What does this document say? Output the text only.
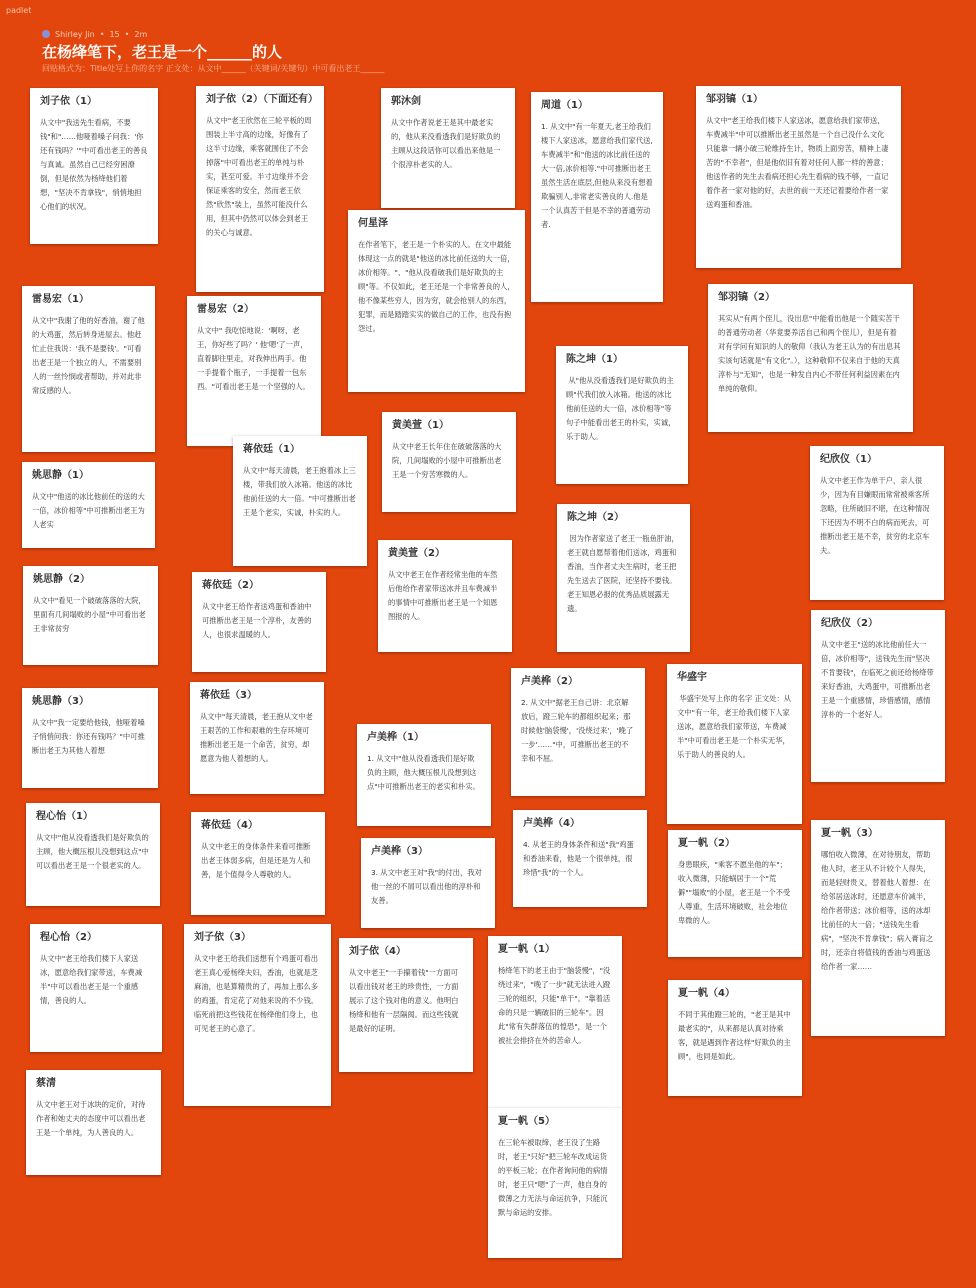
padlet
Shirley Jin • 15 • 2m
在杨绛笔下，老王是一个______的人
回贴格式为：Title处写上你的名字 正文处：从文中______（关键词/关键句）中可看出老王______
刘子依（1）
从文中"我送先生看病，不要钱"和"……他哑着嗓子问我：'你还有钱吗？'"中可看出老王的善良与真诚。虽然自己已经穷困潦倒，但是依然为杨绛他们着想，"坚决不肯拿钱"，悄悄地担心他们的状况。
刘子依（2）（下面还有）
从文中"老王欣然在三轮平板的周围装上半寸高的边缘，好像有了这半寸边缘，乘客就围住了不会掉落"中可看出老王的单纯与朴实，甚至可爱。半寸边缘并不会保证乘客的安全，然而老王依然"欣然"装上，虽然可能没什么用，但其中仍然可以体会到老王的关心与诚意。
郭沐剑
从文中作者说老王是其中最老实的，他从来没看透我们是好欺负的主顾从这段话你可以看出来他是一个很淳朴老实的人。
周道（1）
1. 从文中"有一年夏天,老王给我们楼下人家送冰，愿意给我们家代送,车费减半"和"他送的冰比前任送的大一倍,冰价相等."中可推断出老王虽然生活在底层,但他从来没有想着欺骗别人,非常老实善良的人.他是一个认真苦干但是不幸的普通劳动者.
邹羽镐（1）
从文中"老王给我们楼下人家送冰，愿意给我们家带送，车费减半"中可以推断出老王虽然是一个自己没什么文化只能靠一辆小破三轮维持生计，物质上面穷苦，精神上凄苦的"不幸者"，但是他依旧有着对任何人都一样的善意；他送作者的先生去看病还担心先生看病的钱不够，一直记着作者一家对他的好，去世的前一天还记着要给作者一家送鸡蛋和香油。
何星泽
在作者笔下，老王是一个朴实的人。在文中最能体现这一点的就是"他送的冰比前任送的大一倍，冰价相等。"、"他从没看破我们是好欺负的主顾"等。不仅如此，老王还是一个非常善良的人，他不像某些穷人，因为穷，就会抢别人的东西，犯罪，而是踏踏实实的做自己的工作，也没有抱怨过。
雷易宏（1）
从文中"我谢了他的好香油，谢了他的大鸡蛋，然后转身进屋去。他赶忙止住我说：'我不是要钱'。"可看出老王是一个独立的人，不需要别人的一丝怜悯或者帮助，并对此非常反感的人。
雷易宏（2）
从文中" 我吃惊地说：'啊呀，老王，你好些了吗？' 他'嗯'了一声，直着脚往里走，对我伸出两手。他一手提着个瓶子，一手提着一包东西。"可看出老王是一个坚强的人。
陈之坤（1）
从"他从没看透我们是好欺负的主顾"代我们放入冰箱。他送的冰比他前任送的大一倍，冰价相等"等句子中能看出老王的朴实，实诚，乐于助人。
邹羽镐（2）
其实从"有两个侄儿，没出息"中能看出他是一个随实苦干的普通劳动者（华竟要养活自己和两个侄儿），但是有着对有学问有知识的人的敬仰（我认为老王认为的有出息其实该句话就是"有文化"。），这种敬仰不仅来自于他的天真淳朴与"无知"，也是一种发自内心不带任何利益因素在内单纯的敬仰。
蒋依廷（1）
从文中"每天清晨，老王抱着冰上三楼，带我们放入冰箱。他送的冰比他前任送的大一倍。"中可推断出老王是个老实，实诚，朴实的人。
黄美萱（1）
从文中老王长年住在破破落落的大院，几间塌败的小屋中可推断出老王是一个穷苦寒微的人。
姚思静（1）
从文中"他送的冰比他前任的送的大一倍，冰价相等"中可推断出老王为人老实
纪欣仪（1）
从文中老王作为单干户，亲人很少，因为有目嫌眼而常常被乘客所忽略，住所破旧不堪，在这种情况下还因为不明不白的病而死去，可推断出老王是不幸，贫穷的北京车夫。
陈之坤（2）
因为作者家送了老王一瓶鱼肝油，老王就自愿帮着他们送冰，鸡蛋和香油，当作者丈夫生病时，老王把先生送去了医院，还坚持不要钱。老王知恩必报的优秀品质展露无遗。
黄美萱（2）
从文中老王在作者经常坐他的车然后他给作者家带送冰并且车费减半的事情中可推断出老王是一个知恩图报的人。
姚思静（2）
从文中"看见一个破破落落的大院，里面有几间塌败的小屋"中可看出老王非常贫穷
蒋依廷（2）
从文中老王给作者送鸡蛋和香油中可推断出老王是一个淳朴，友善的人，也很求温暖的人。
纪欣仪（2）
从文中老王"送的冰比他前任大一倍，冰价相等"，送钱先生而"坚决不肯要钱"，在临死之前还给杨绛带来好香油，大鸡蛋中，可推断出老王是一个重感情，珍惜感情，感情淳朴的一个老好人。
卢美桦（2）
2. 从文中"据老王自己讲：北京解放后，蹬三轮车的都组织起来；那时候他'脑袋慢'，'没绕过来'，'晚了一步'……"中，可推断出老王的不幸和不屈。
华盛宇
华盛宇处写上你的名字 正文处：从文中"有一年，老王给我们楼下人家送冰，愿意给我们家带送，车费减半"中可看出老王是一个朴实无华，乐于助人的善良的人。
姚思静（3）
从文中"我一定要给他钱，他哑着嗓子悄悄问我：你还有钱吗？"中可推断出老王为其他人着想
蒋依廷（3）
从文中"每天清晨，老王抱从文中老王艰苦的工作和艰难的生存环境可推断出老王是一个命苦，贫穷，却愿意为他人着想的人。
卢美桦（1）
1. 从文中"他从没看透我们是好欺负的主顾，他大概压根儿没想到这点"中可推断出老王的老实和朴实。
程心怡（1）
从文中"他从没看透我们是好欺负的主顾，他大概压根儿没想到这点"中可以看出老王是一个很老实的人。
蒋依廷（4）
从文中老王的身体条件来看可推断出老王体弱多病，但是还是为人和善，是个值得令人尊敬的人。
卢美桦（4）
4. 从老王的身体条件和送"我"鸡蛋和香油来看，他是一个很单纯，很珍惜"我"的一个人。
卢美桦（3）
3. 从文中老王对"我"的付出，我对他一丝的不屑可以看出他的淳朴和友善。
夏一帆（2）
身患眼疾，"乘客不愿坐他的车"；收入微薄，只能蜗居于一个"荒僻""塌败"的小屋，老王是一个不受人尊重，生活环境破败，社会地位卑微的人。
夏一帆（3）
哪怕收入微薄，在对待朋友，帮助他人时，老王从不计较个人得失，而是轻财贵义，替着他人着想：在给邻居送冰时，还愿意车价减半，给作者带送；冰价相等，送的冰却比前任的大一倍；"送钱先生看病"，"坚决不肯拿钱"；病入膏肓之时，还亲自将值钱的香油与鸡蛋送给作者一家……
程心怡（2）
从文中"老王给我们楼下人家送冰，愿意给我们家带送，车费减半"中可以看出老王是一个重感情，善良的人。
刘子依（3）
从文中老王给我们送想有个鸡蛋可看出老王真心爱杨绛夫妇，香油，也就是芝麻油，也是算精贵的了，再加上那么多的鸡蛋，肯定花了对他来说的不少钱。临死前把这些钱花在杨绛他们身上，也可见老王的心意了。
刘子依（4）
从文中老王"一手攥着钱"一方面可以看出钱对老王的珍贵性，一方面展示了这个钱对他的意义。他明白杨绛和他有一层隔阂。而这些钱就是最好的证明。
夏一帆（1）
杨绛笔下的老王由于"脑袋慢"，"没绕过来"，"晚了一步"就无法进入蹬三轮的组织，只能"单干"。"靠着活命的只是一辆破旧的三轮车"。因此"常有失群落伍的惶恐"，是一个被社会排挤在外的苦命人。
夏一帆（4）
不同于其他蹬三轮的，"老王是其中最老实的"，从来都是认真对待乘客，就是遇到作者这样"好欺负的主顾"，也同是如此。
蔡清
从文中老王对于冰块的定价，对待作者和她丈夫的态度中可以看出老王是一个单纯，为人善良的人。
夏一帆（5）
在三轮车被取缔，老王没了生路时，老王"只好"把三轮车改成运货的平板三轮；在作者询问他的病情时，老王只"嗯"了一声，他自身的微薄之力无法与命运抗争，只能沉默与命运的安排。
